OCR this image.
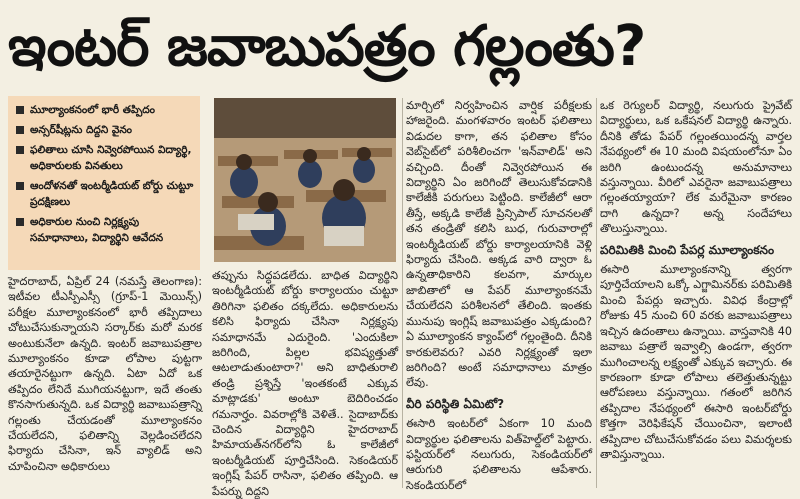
ఇంటర్ జవాబుపత్రం గల్లంతు?
మూల్యాంకనంలో భారీ తప్పిదం
అన్సర్‌షీట్లను దిద్దని వైనం
ఫలితాలు చూసి నివ్వెరపోయిన విద్యార్థి, అధికారులకు వినతులు
ఆందోళనతో ఇంటర్మీడియట్ బోర్డు చుట్టూ ప్రదక్షిణలు
అధికారుల నుంచి నిర్లక్ష్యపు సమాధానాలు, విద్యార్థిని ఆవేదన

హైదరాబాద్, ఏప్రిల్ 24 (నమస్తే తెలంగాణ): ఇటీవల టీఎస్పీఎస్సీ (గ్రూప్-1 మెయిన్స్) పరీక్షల మూల్యాంకనంలో భారీ తప్పిదాలు చోటుచేసుకున్నాయని సర్కార్‌కు మరో మరక అంటుకునేలా ఉన్నది. ఇంటర్ జవాబుపత్రాల మూల్యాంకనం కూడా లోపాల పుట్టగా తయారైనట్టుగా ఉన్నది. ఏటా ఏదో ఒక తప్పిదం లేనిదే ముగియనట్టుగా, ఇదే తంతు కొనసాగుతున్నది. ఒక విద్యార్థి జవాబుపత్రాన్ని గల్లంతు చేయడంతో మూల్యాంకనం చేయలేదని, ఫలితాన్ని వెల్లడించలేదని ఫిర్యాదు చేసినా, ఇన్ వ్యాలిడ్ అని చూపించినా అధికారులు

తప్పును సిద్ధపడలేదు. బాధిత విద్యార్థిని ఇంటర్మీడియట్ బోర్డు కార్యాలయం చుట్టూ తిరిగినా ఫలితం దక్కలేదు. అధికారులను కలిసి ఫిర్యాదు చేసినా నిర్లక్ష్యపు సమాధానమే ఎదురైంది. 'ఎందుకిలా జరిగింది, పిల్లల భవిష్యత్తుతో ఆటలాడుతుంటారా?' అని బాధితురాలి తండ్రి ప్రశ్నిస్తే 'ఇంతకంటే ఎక్కువ మాట్లాడకు' అంటూ బెదిరించడం గమనార్హం. వివరాల్లోకి వెళితే.. సైదాబాద్‌కు చెందిన విద్యార్థిని హైదరాబాద్ హిమాయత్‌నగర్‌లోని ఓ కాలేజీలో ఇంటర్మీడియట్ పూర్తిచేసింది. సెకండియర్ ఇంగ్లిష్ పేపర్ రాసినా, ఫలితం తప్పింది. ఆ పేపర్ను దిద్దని

మార్చిలో నిర్వహించిన వార్షిక పరీక్షలకు హాజరైంది. మంగళవారం ఇంటర్ ఫలితాలు విడుదల కాగా, తన ఫలితాల కోసం వెబ్‌సైట్‌లో పరిశీలించగా 'ఇన్‌వాలిడ్' అని వచ్చింది. దీంతో నివ్వెరపోయిన ఈ విద్యార్థిని ఏం జరిగిందో తెలుసుకోవడానికి కాలేజీకి పరుగులు పెట్టింది. కాలేజీలో ఆరా తీస్తే, అక్కడి కాలేజీ ప్రిన్సిపాల్ సూచనలతో తన తండ్రితో కలిసి బుధ, గురువారాల్లో ఇంటర్మీడియట్ బోర్డు కార్యాలయానికి వెళ్లి ఫిర్యాదు చేసింది. అక్కడ వారి ద్వారా ఓ ఉన్నతాధికారిని కలవగా, మార్కుల జాబితాలో ఆ పేపర్ మూల్యాంకనమే చేయలేదని పరిశీలనలో తేలింది. ఇంతకు మునుపు ఇంగ్లిష్ జవాబుపత్రం ఎక్కడుంది? ఏ మూల్యాంకన క్యాంప్‌లో గల్లంతైంది. దీనికి కారకులెవరు? ఎవరి నిర్లక్ష్యంతో ఇలా జరిగింది? అంటే సమాధానాలు మాత్రం లేవు.

వీరి పరిస్థితి ఏమిటో?

ఈసారి ఇంటర్‌లో ఏకంగా 10 మంది విద్యార్థుల ఫలితాలను విత్‌హెల్డ్‌లో పెట్టారు. ఫస్టియర్‌లో నలుగురు, సెకండియర్‌లో ఆరుగురి ఫలితాలను ఆపేశారు. సెకండియర్‌లో

ఒక రెగ్యులర్ విద్యార్థి, నలుగురు ప్రైవేట్ విద్యార్థులు, ఒక ఒకేషనల్ విద్యార్థి ఉన్నారు. దీనికి తోడు పేపర్ గల్లంతయిందన్న వార్తల నేపథ్యంలో ఈ 10 మంది విషయంలోనూ ఏం జరిగి ఉంటుందన్న అనుమానాలు వస్తున్నాయి. వీరిలో ఎవరైనా జవాబుపత్రాలు గల్లంతయ్యాయా? లేక మరేమైనా కారణం దాగి ఉన్నదా? అన్న సందేహాలు తొలుస్తున్నాయి.

పరిమితికి మించి పేపర్ల మూల్యాంకనం

ఈసారి మూల్యాంకనాన్ని త్వరగా పూర్తిచేయాలని ఒక్కో ఎగ్జామినర్‌కు పరిమితికి మించి పేపర్లు ఇచ్చారు. వివిధ కేంద్రాల్లో రోజుకు 45 నుంచి 60 వరకు జవాబుపత్రాలు ఇచ్చిన ఉదంతాలు ఉన్నాయి. వాస్తవానికి 40 జవాబు పత్రాలే ఇవ్వాల్సి ఉండగా, త్వరగా ముగించాలన్న లక్ష్యంతో ఎక్కువ ఇచ్చారు. ఈ కారణంగా కూడా లోపాలు తలెత్తుతున్నట్టు ఆరోపణలు వస్తున్నాయి. గతంలో జరిగిన తప్పిదాల నేపథ్యంలో ఈసారి ఇంటర్‌బోర్డు కొత్తగా వెరిఫికేషన్ చేయించినా, ఇలాంటి తప్పిదాల చోటుచేసుకోవడం పలు విమర్శలకు తావిస్తున్నాయి.
